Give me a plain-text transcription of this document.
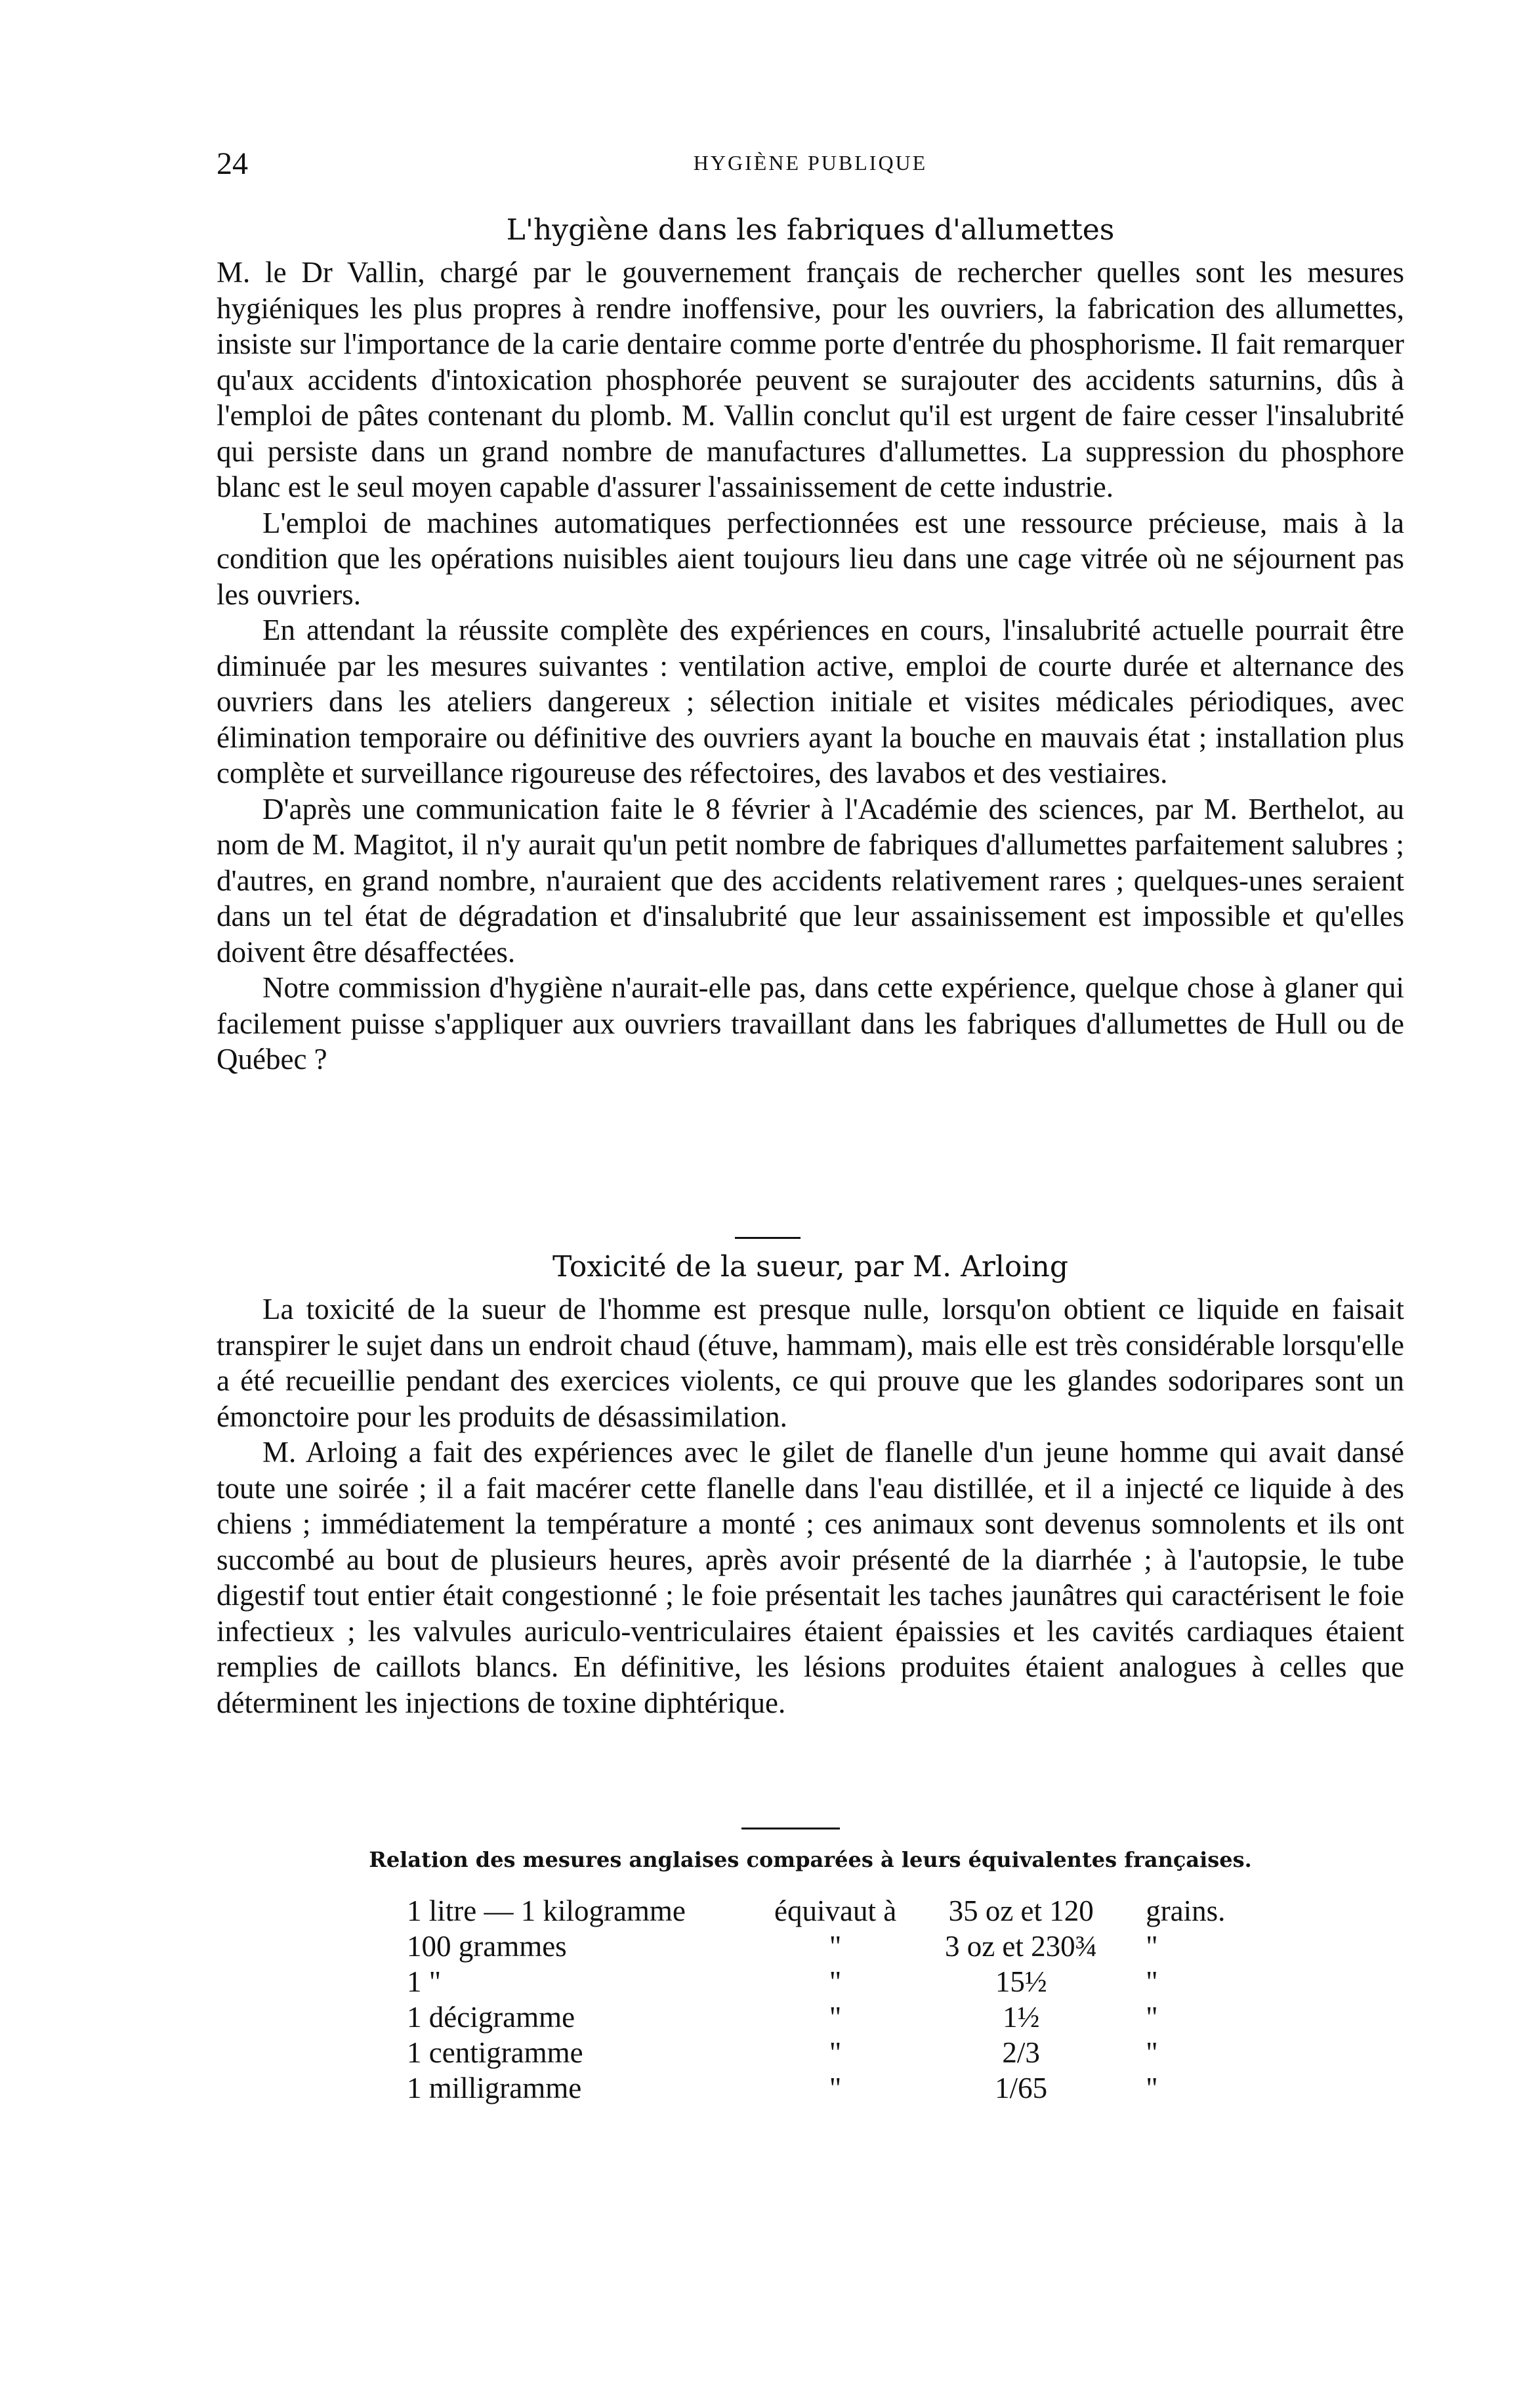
24	HYGIÈNE PUBLIQUE
L'hygiène dans les fabriques d'allumettes

M. le Dr Vallin, chargé par le gouvernement français de rechercher quelles sont les mesures hygiéniques les plus propres à rendre inoffensive, pour les ouvriers, la fabrication des allumettes, insiste sur l'importance de la carie dentaire comme porte d'entrée du phosphorisme. Il fait remarquer qu'aux accidents d'intoxication phosphorée peuvent se surajouter des accidents saturnins, dûs à l'emploi de pâtes contenant du plomb. M. Vallin conclut qu'il est urgent de faire cesser l'insalubrité qui persiste dans un grand nombre de manufactures d'allumettes. La suppression du phosphore blanc est le seul moyen capable d'assurer l'assainissement de cette industrie.

L'emploi de machines automatiques perfectionnées est une ressource précieuse, mais à la condition que les opérations nuisibles aient toujours lieu dans une cage vitrée où ne séjournent pas les ouvriers.

En attendant la réussite complète des expériences en cours, l'insalubrité actuelle pourrait être diminuée par les mesures suivantes : ventilation active, emploi de courte durée et alternance des ouvriers dans les ateliers dangereux ; sélection initiale et visites médicales périodiques, avec élimination temporaire ou définitive des ouvriers ayant la bouche en mauvais état ; installation plus complète et surveillance rigoureuse des réfectoires, des lavabos et des vestiaires.

D'après une communication faite le 8 février à l'Académie des sciences, par M. Berthelot, au nom de M. Magitot, il n'y aurait qu'un petit nombre de fabriques d'allumettes parfaitement salubres ; d'autres, en grand nombre, n'auraient que des accidents relativement rares ; quelques-unes seraient dans un tel état de dégradation et d'insalubrité que leur assainissement est impossible et qu'elles doivent être désaffectées.

Notre commission d'hygiène n'aurait-elle pas, dans cette expérience, quelque chose à glaner qui facilement puisse s'appliquer aux ouvriers travaillant dans les fabriques d'allumettes de Hull ou de Québec ?

Toxicité de la sueur, par M. Arloing

La toxicité de la sueur de l'homme est presque nulle, lorsqu'on obtient ce liquide en faisait transpirer le sujet dans un endroit chaud (étuve, hammam), mais elle est très considérable lorsqu'elle a été recueillie pendant des exercices violents, ce qui prouve que les glandes sodoripares sont un émonctoire pour les produits de désassimilation.

M. Arloing a fait des expériences avec le gilet de flanelle d'un jeune homme qui avait dansé toute une soirée ; il a fait macérer cette flanelle dans l'eau distillée, et il a injecté ce liquide à des chiens ; immédiatement la température a monté ; ces animaux sont devenus somnolents et ils ont succombé au bout de plusieurs heures, après avoir présenté de la diarrhée ; à l'autopsie, le tube digestif tout entier était congestionné ; le foie présentait les taches jaunâtres qui caractérisent le foie infectieux ; les valvules auriculo-ventriculaires étaient épaissies et les cavités cardiaques étaient remplies de caillots blancs. En définitive, les lésions produites étaient analogues à celles que déterminent les injections de toxine diphtérique.

Relation des mesures anglaises comparées à leurs équivalentes françaises.
1 litre — 1 kilogramme	équivaut à	35 oz et 120	grains.
100 grammes	"	3 oz et 230¾	"
1 "	"	15½	"
1 décigramme	"	1½	"
1 centigramme	"	2/3	"
1 milligramme	"	1/65	"
